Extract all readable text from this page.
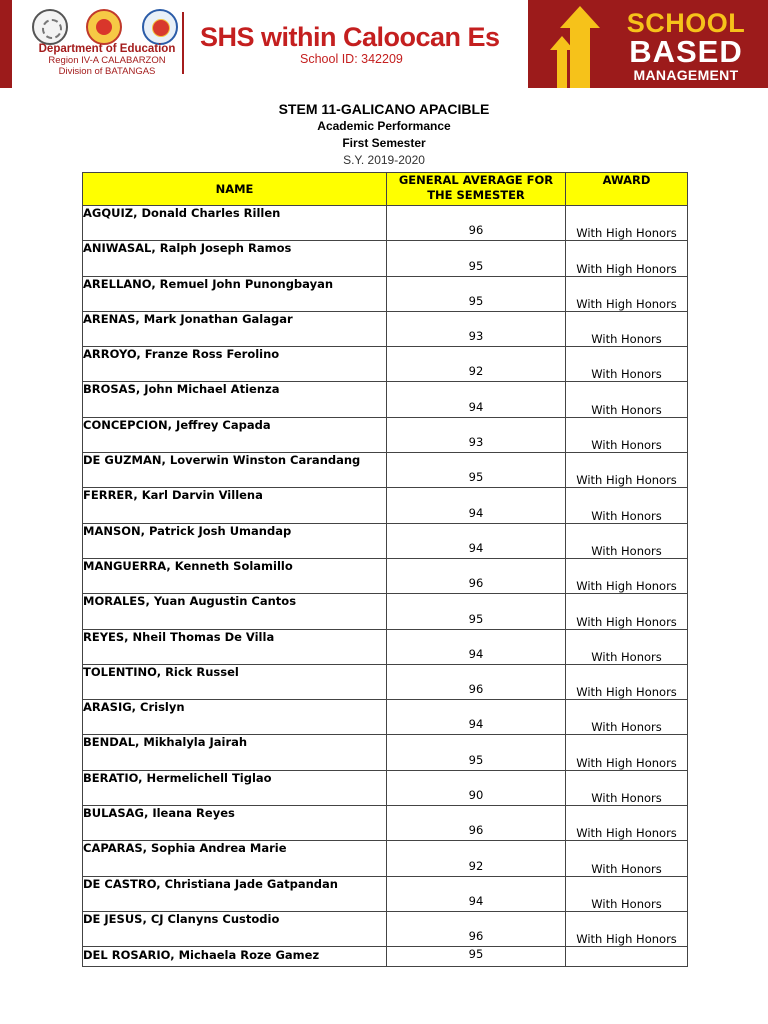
Department of Education
Region IV-A CALABARZON
Division of BATANGAS
SHS within Caloocan Es
School ID: 342209
SCHOOL
BASED
MANAGEMENT
STEM 11-GALICANO APACIBLE
Academic Performance
First Semester
S.Y. 2019-2020
NAME	GENERAL AVERAGE FOR
THE SEMESTER	AWARD
AGQUIZ, Donald Charles Rillen	96	With High Honors
ANIWASAL, Ralph Joseph Ramos	95	With High Honors
ARELLANO, Remuel John Punongbayan	95	With High Honors
ARENAS, Mark Jonathan Galagar	93	With Honors
ARROYO, Franze Ross Ferolino	92	With Honors
BROSAS, John Michael Atienza	94	With Honors
CONCEPCION, Jeffrey Capada	93	With Honors
DE GUZMAN, Loverwin Winston Carandang	95	With High Honors
FERRER, Karl Darvin Villena	94	With Honors
MANSON, Patrick Josh Umandap	94	With Honors
MANGUERRA, Kenneth Solamillo	96	With High Honors
MORALES, Yuan Augustin Cantos	95	With High Honors
REYES, Nheil Thomas De Villa	94	With Honors
TOLENTINO, Rick Russel	96	With High Honors
ARASIG, Crislyn	94	With Honors
BENDAL, Mikhalyla Jairah	95	With High Honors
BERATIO, Hermelichell Tiglao	90	With Honors
BULASAG, Ileana Reyes	96	With High Honors
CAPARAS, Sophia Andrea Marie	92	With Honors
DE CASTRO, Christiana Jade Gatpandan	94	With Honors
DE JESUS, CJ Clanyns Custodio	96	With High Honors
DEL ROSARIO, Michaela Roze Gamez	95	
